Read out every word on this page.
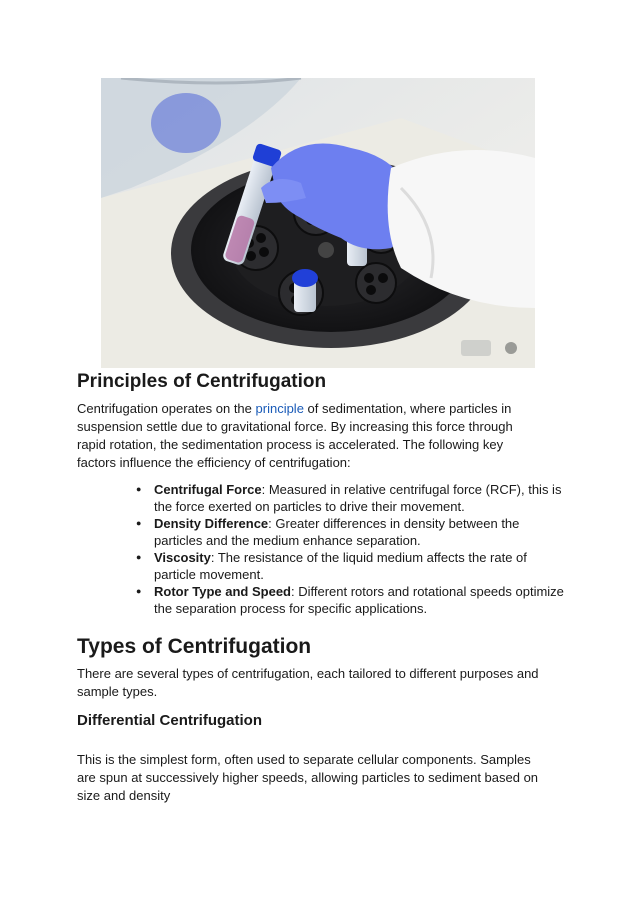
Principles of Centrifugation

Centrifugation operates on the principle of sedimentation, where particles in suspension settle due to gravitational force. By increasing this force through rapid rotation, the sedimentation process is accelerated. The following key factors influence the efficiency of centrifugation:

● Centrifugal Force: Measured in relative centrifugal force (RCF), this is the force exerted on particles to drive their movement.
● Density Difference: Greater differences in density between the particles and the medium enhance separation.
● Viscosity: The resistance of the liquid medium affects the rate of particle movement.
● Rotor Type and Speed: Different rotors and rotational speeds optimize the separation process for specific applications.
Types of Centrifugation

There are several types of centrifugation, each tailored to different purposes and sample types.

Differential Centrifugation

This is the simplest form, often used to separate cellular components. Samples are spun at successively higher speeds, allowing particles to sediment based on size and density
